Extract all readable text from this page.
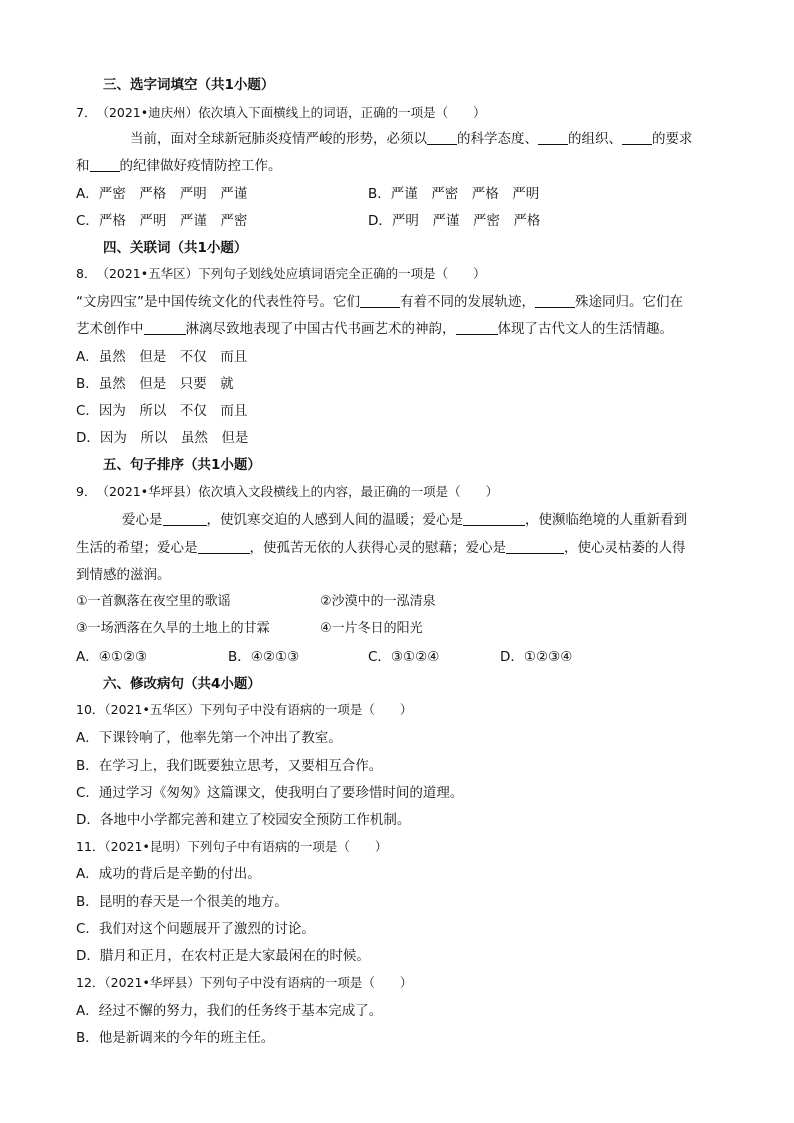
三、选字词填空（共1小题）
7．　（2021•迪庆州）依次填入下面横线上的词语，正确的一项是（　　）
当前，面对全球新冠肺炎疫情严峻的形势，必须以 的科学态度、 的组织、 的要求
和 的纪律做好疫情防控工作。
A．严密　严格　严明　严谨	B．严谨　严密　严格　严明
C．严格　严明　严谨　严密	D．严明　严谨　严密　严格
四、关联词（共1小题）
8．　（2021•五华区）下列句子划线处应填词语完全正确的一项是（　　）
“文房四宝”是中国传统文化的代表性符号。它们	有着不同的发展轨迹，	殊途同归。它们在
艺术创作中	淋漓尽致地表现了中国古代书画艺术的神韵，	体现了古代文人的生活情趣。
A．虽然　但是　不仅　而且
B．虽然　但是　只要　就
C．因为　所以　不仅　而且
D．因为　所以　虽然　但是
五、句子排序（共1小题）
9．　（2021•华坪县）依次填入文段横线上的内容，最正确的一项是（　　）
爱心是	，使饥寒交迫的人感到人间的温暖；爱心是	，使濒临绝境的人重新看到
生活的希望；爱心是	，使孤苦无依的人获得心灵的慰藉；爱心是	，使心灵枯萎的人得
到情感的滋润。
①一首飘落在夜空里的歌谣	②沙漠中的一泓清泉
③一场洒落在久旱的土地上的甘霖	④一片冬日的阳光
A．④①②③	B．④②①③	C．③①②④	D．①②③④
六、修改病句（共4小题）
10．（2021•五华区）下列句子中没有语病的一项是（　　）
A．下课铃响了，他率先第一个冲出了教室。
B．在学习上，我们既要独立思考，又要相互合作。
C．通过学习《匆匆》这篇课文，使我明白了要珍惜时间的道理。
D．各地中小学都完善和建立了校园安全预防工作机制。
11．（2021•昆明）下列句子中有语病的一项是（　　）
A．成功的背后是辛勤的付出。
B．昆明的春天是一个很美的地方。
C．我们对这个问题展开了激烈的讨论。
D．腊月和正月，在农村正是大家最闲在的时候。
12．（2021•华坪县）下列句子中没有语病的一项是（　　）
A．经过不懈的努力，我们的任务终于基本完成了。
B．他是新调来的今年的班主任。
